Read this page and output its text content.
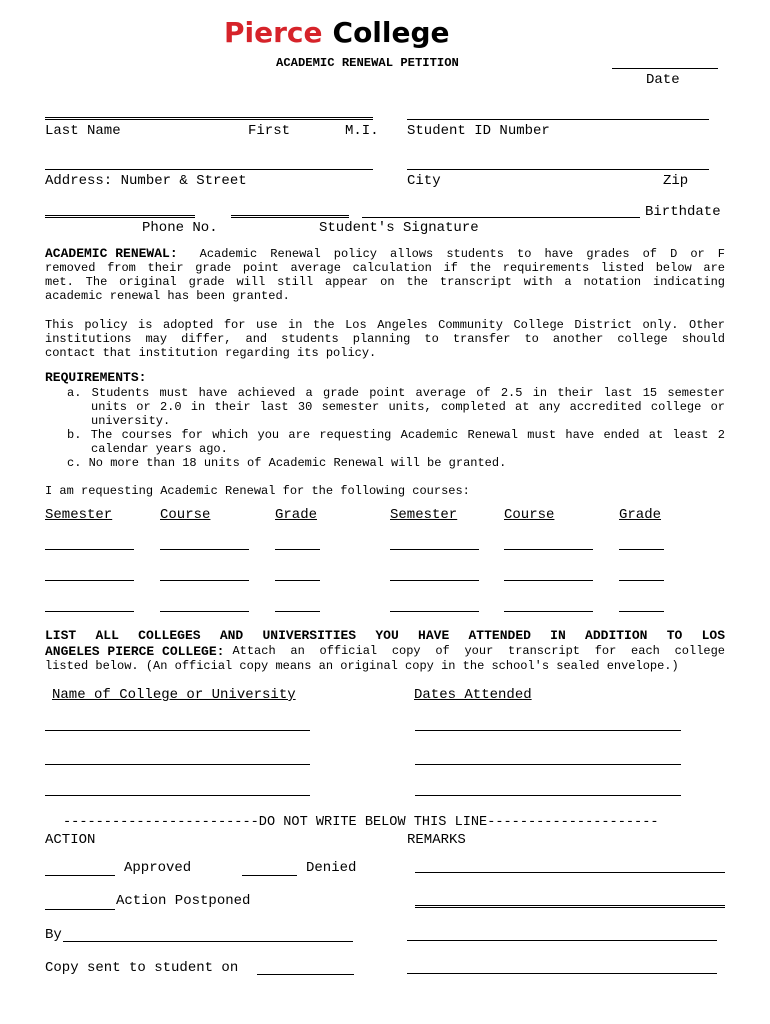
Pierce College
ACADEMIC RENEWAL PETITION
Date
Last Name	First	M.I. Student ID Number
Address: Number & Street	City	Zip
Birthdate
Phone No.	Student's Signature
ACADEMIC RENEWAL: Academic Renewal policy allows students to have grades of D or F
removed from their grade point average calculation if the requirements listed below are
met. The original grade will still appear on the transcript with a notation indicating
academic renewal has been granted.
This policy is adopted for use in the Los Angeles Community College District only. Other
institutions may differ, and students planning to transfer to another college should
contact that institution regarding its policy.
REQUIREMENTS:
a. Students must have achieved a grade point average of 2.5 in their last 15 semester
units or 2.0 in their last 30 semester units, completed at any accredited college or
university.
b. The courses for which you are requesting Academic Renewal must have ended at least 2
calendar years ago.
c. No more than 18 units of Academic Renewal will be granted.
I am requesting Academic Renewal for the following courses:
Semester	Course	Grade	Semester	Course	Grade
LIST ALL COLLEGES AND UNIVERSITIES YOU HAVE ATTENDED IN ADDITION TO LOS
ANGELES PIERCE COLLEGE: Attach an official copy of your transcript for each college
listed below. (An official copy means an original copy in the school's sealed envelope.)
Name of College or University	Dates Attended
------------------------DO NOT WRITE BELOW THIS LINE---------------------
ACTION	REMARKS
Approved	Denied
Action Postponed
By
Copy sent to student on
